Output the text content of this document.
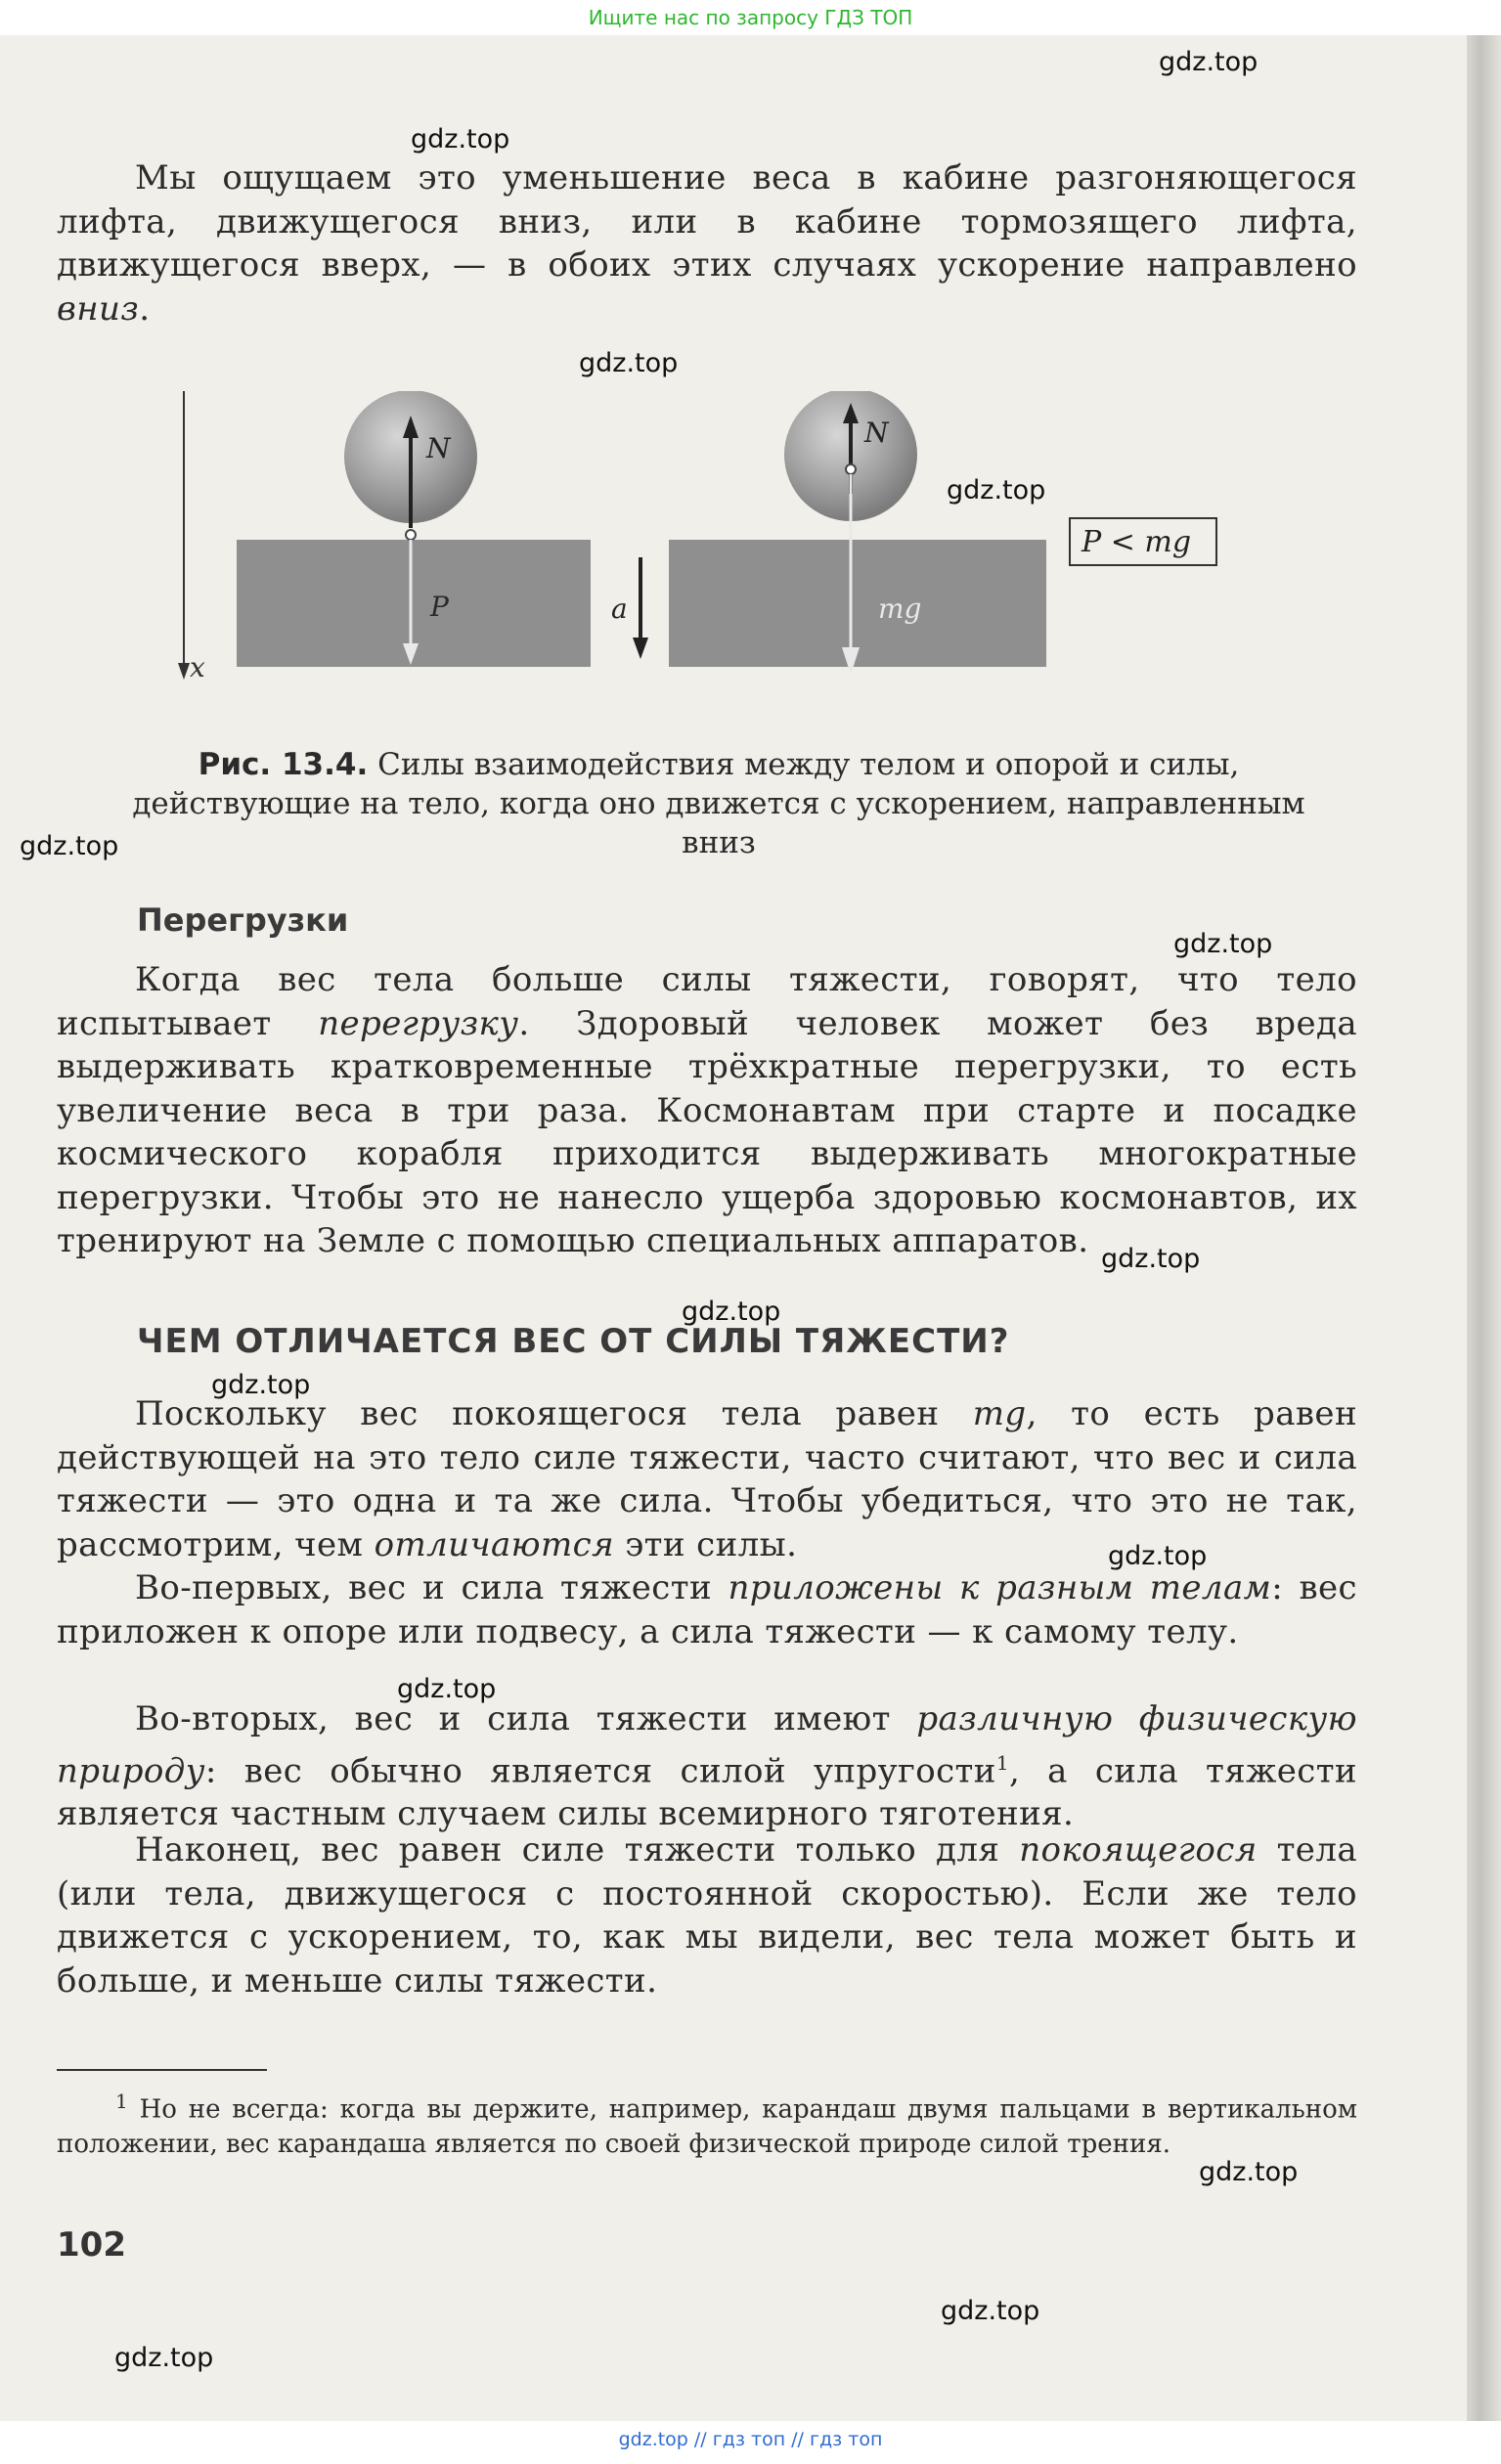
Ищите нас по запросу ГДЗ ТОП
gdz.top
gdz.top
gdz.top
gdz.top
gdz.top
gdz.top
gdz.top
gdz.top
gdz.top
gdz.top
gdz.top
gdz.top
gdz.top
gdz.top
Мы ощущаем это уменьшение веса в кабине разгоняющегося лифта, движущегося вниз, или в кабине тормозящего лифта, движущегося вверх, — в обоих этих случаях ускорение направлено вниз.
x
N
P	a
N
mg
P < mg
Рис. 13.4. Силы взаимодействия между телом и опорой и силы, действующие на тело, когда оно движется с ускорением, направленным вниз
Перегрузки
Когда вес тела больше силы тяжести, говорят, что тело испытывает перегрузку. Здоровый человек может без вреда выдерживать кратковременные трёхкратные перегрузки, то есть увеличение веса в три раза. Космонавтам при старте и посадке космического корабля приходится выдерживать многократные перегрузки. Чтобы это не нанесло ущерба здоровью космонавтов, их тренируют на Земле с помощью специальных аппаратов.
ЧЕМ ОТЛИЧАЕТСЯ ВЕС ОТ СИЛЫ ТЯЖЕСТИ?
Поскольку вес покоящегося тела равен mg, то есть равен действующей на это тело силе тяжести, часто считают, что вес и сила тяжести — это одна и та же сила. Чтобы убедиться, что это не так, рассмотрим, чем отличаются эти силы.
Во-первых, вес и сила тяжести приложены к разным телам: вес приложен к опоре или подвесу, а сила тяжести — к самому телу.
Во-вторых, вес и сила тяжести имеют различную физическую природу: вес обычно является силой упругости$^1$, а сила тяжести является частным случаем силы всемирного тяготения.
Наконец, вес равен силе тяжести только для покоящегося тела (или тела, движущегося с постоянной скоростью). Если же тело движется с ускорением, то, как мы видели, вес тела может быть и больше, и меньше силы тяжести.
$^1$ Но не всегда: когда вы держите, например, карандаш двумя пальцами в вертикальном положении, вес карандаша является по своей физической природе силой трения.
102
gdz.top // гдз топ // гдз топ
